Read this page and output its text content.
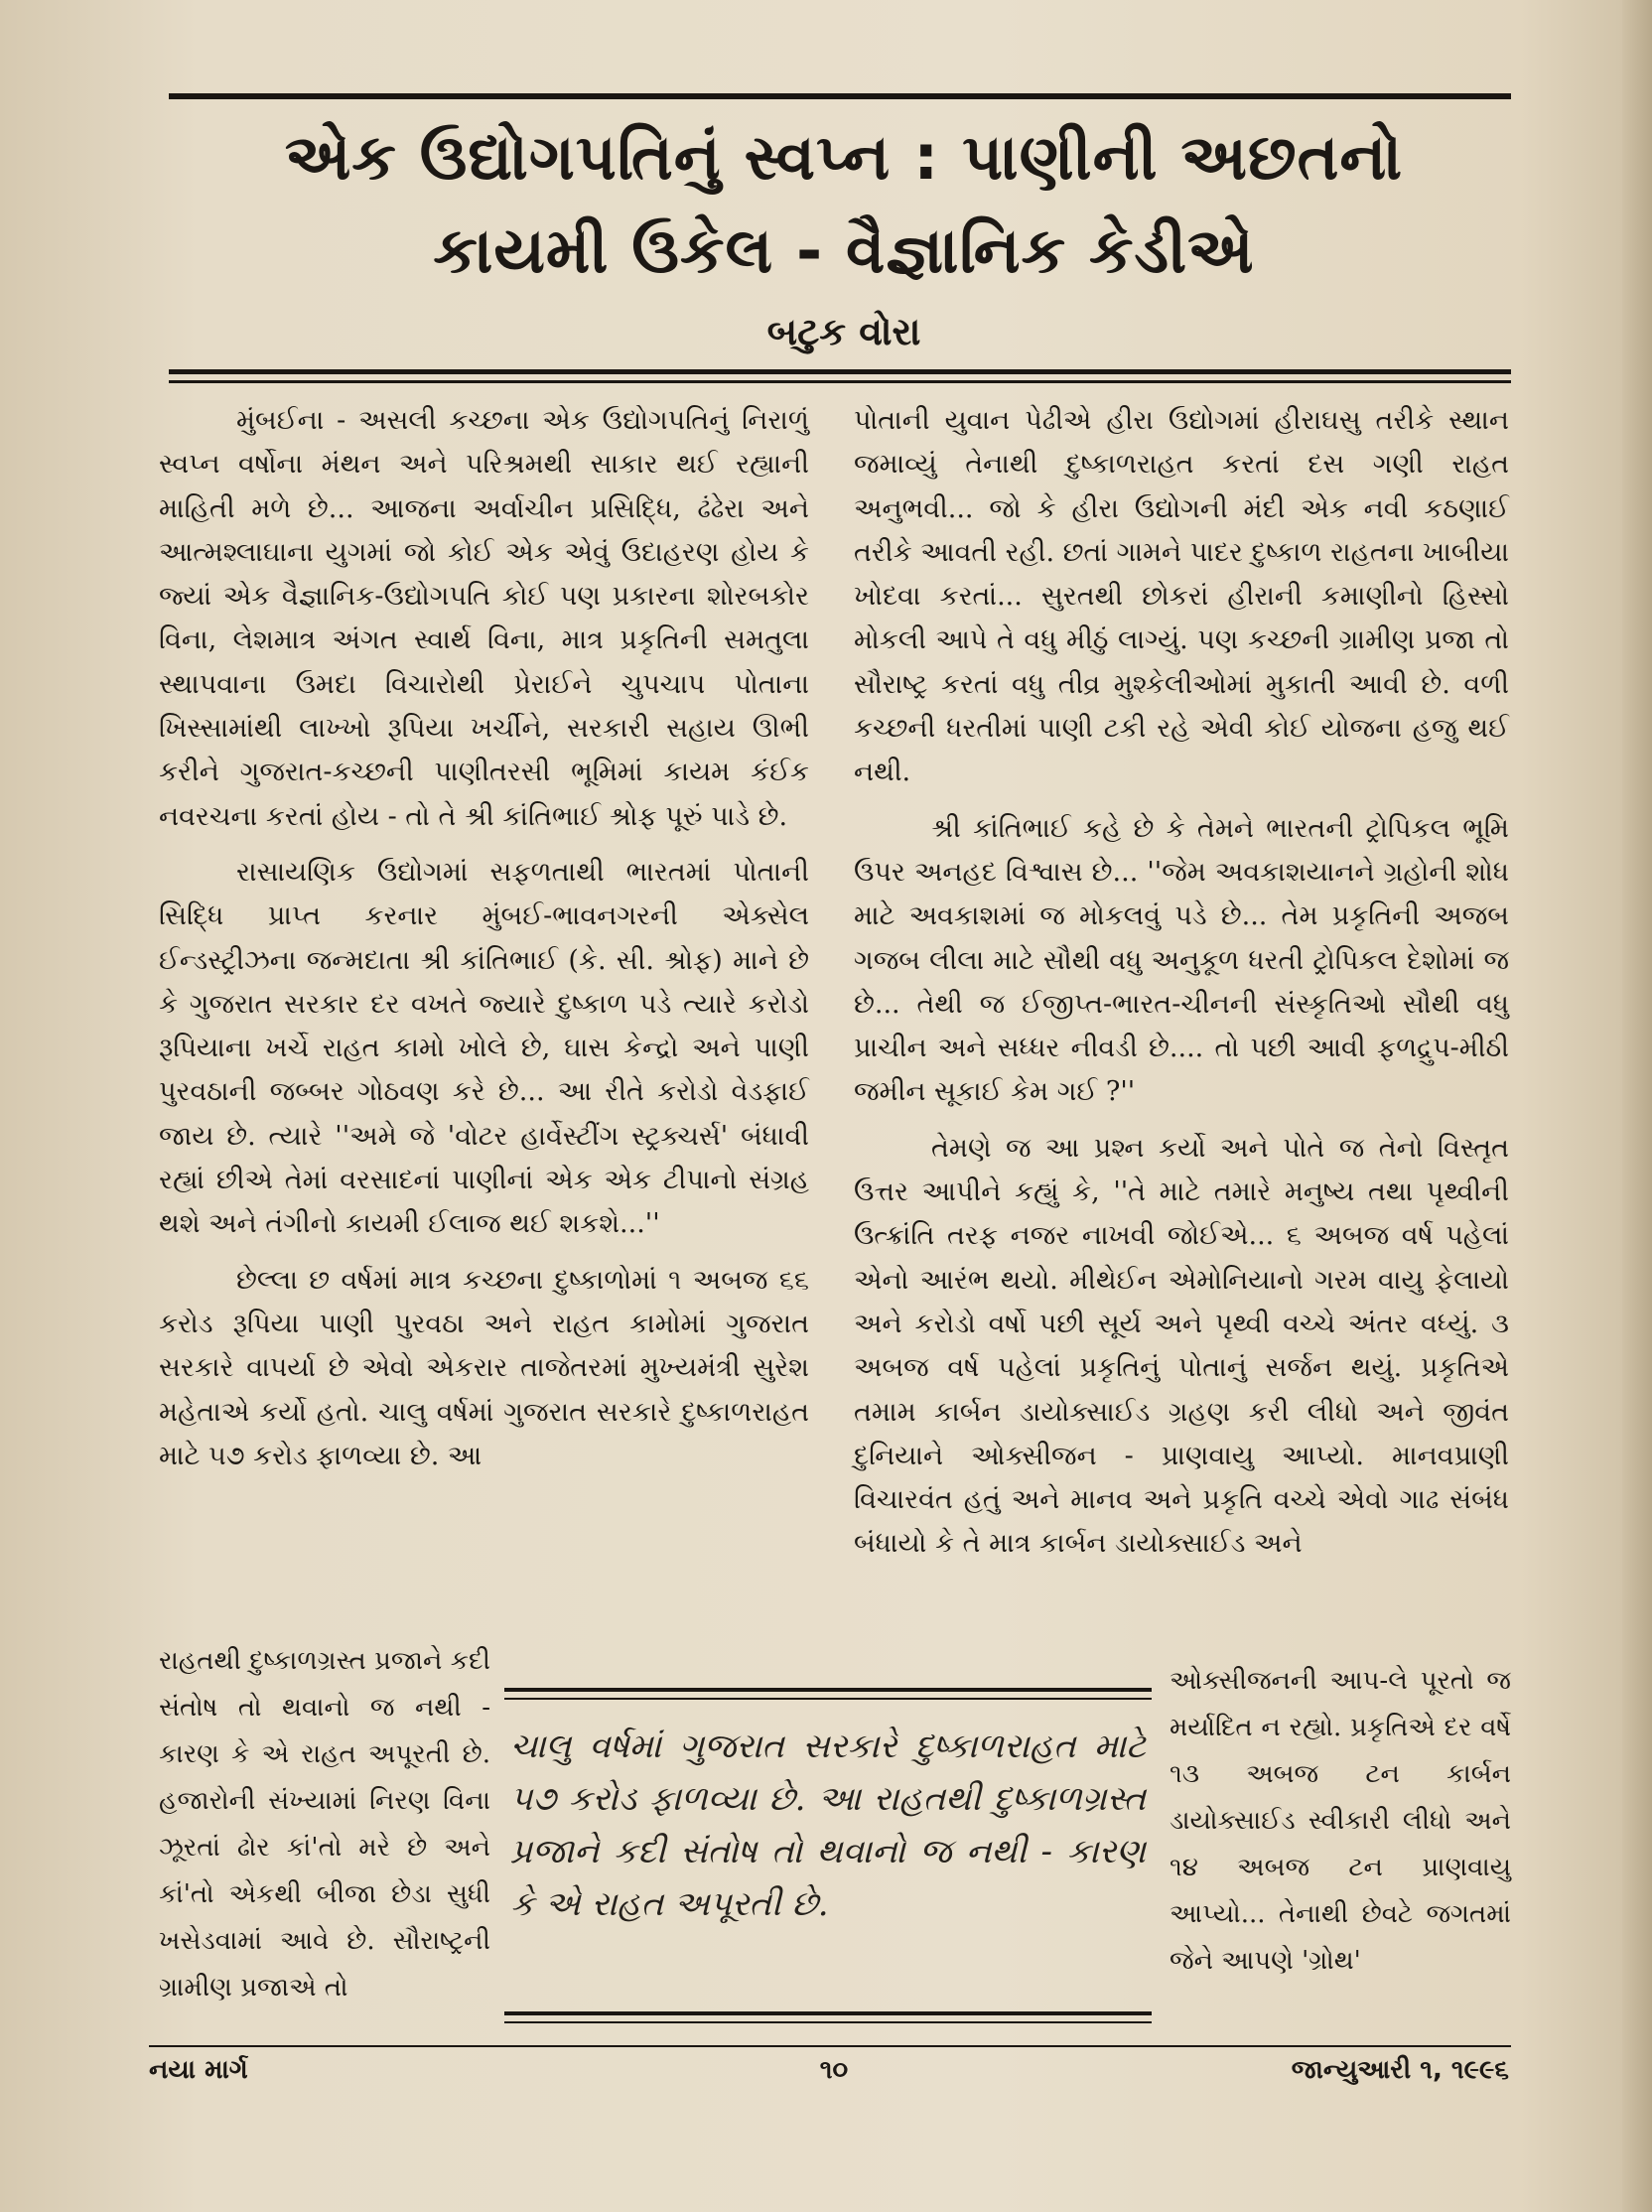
એક ઉદ્યોગપતિનું સ્વપ્ન : પાણીની અછતનો
કાયમી ઉકેલ - વૈજ્ઞાનિક કેડીએ
બટુક વોરા

મુંબઈના - અસલી કચ્છના એક ઉદ્યોગપતિનું નિરાળું સ્વપ્ન વર્ષોના મંથન અને પરિશ્રમથી સાકાર થઈ રહ્યાની માહિતી મળે છે... આજના અર્વાચીન પ્રસિદ્ધિ, ઢંઢેરા અને આત્મશ્લાઘાના યુગમાં જો કોઈ એક એવું ઉદાહરણ હોય કે જ્યાં એક વૈજ્ઞાનિક-ઉદ્યોગપતિ કોઈ પણ પ્રકારના શોરબકોર વિના, લેશમાત્ર અંગત સ્વાર્થ વિના, માત્ર પ્રકૃતિની સમતુલા સ્થાપવાના ઉમદા વિચારોથી પ્રેરાઈને ચુપચાપ પોતાના ખિસ્સામાંથી લાખ્ખો રૂપિયા ખર્ચીને, સરકારી સહાય ઊભી કરીને ગુજરાત-કચ્છની પાણીતરસી ભૂમિમાં કાયમ કંઈક નવરચના કરતાં હોય - તો તે શ્રી કાંતિભાઈ શ્રોફ પૂરું પાડે છે.

રાસાયણિક ઉદ્યોગમાં સફળતાથી ભારતમાં પોતાની સિદ્ધિ પ્રાપ્ત કરનાર મુંબઈ-ભાવનગરની એક્સેલ ઈન્ડસ્ટ્રીઝના જન્મદાતા શ્રી કાંતિભાઈ (કે. સી. શ્રોફ) માને છે કે ગુજરાત સરકાર દર વખતે જ્યારે દુષ્કાળ પડે ત્યારે કરોડો રૂપિયાના ખર્ચે રાહત કામો ખોલે છે, ઘાસ કેન્દ્રો અને પાણી પુરવઠાની જબ્બર ગોઠવણ કરે છે... આ રીતે કરોડો વેડફાઈ જાય છે. ત્યારે ''અમે જે 'વોટર હાર્વેસ્ટીંગ સ્ટ્રક્ચર્સ' બંધાવી રહ્યાં છીએ તેમાં વરસાદનાં પાણીનાં એક એક ટીપાનો સંગ્રહ થશે અને તંગીનો કાયમી ઈલાજ થઈ શકશે...''

છેલ્લા છ વર્ષમાં માત્ર કચ્છના દુષ્કાળોમાં ૧ અબજ ૬૬ કરોડ રૂપિયા પાણી પુરવઠા અને રાહત કામોમાં ગુજરાત સરકારે વાપર્યા છે એવો એકરાર તાજેતરમાં મુખ્યમંત્રી સુરેશ મહેતાએ કર્યો હતો. ચાલુ વર્ષમાં ગુજરાત સરકારે દુષ્કાળરાહત માટે ૫૭ કરોડ ફાળવ્યા છે. આ

રાહતથી દુષ્કાળગ્રસ્ત પ્રજાને કદી સંતોષ તો થવાનો જ નથી - કારણ કે એ રાહત અપૂરતી છે. હજારોની સંખ્યામાં નિરણ વિના ઝૂરતાં ઢોર કાં'તો મરે છે અને કાં'તો એકથી બીજા છેડા સુધી ખસેડવામાં આવે છે. સૌરાષ્ટ્રની ગ્રામીણ પ્રજાએ તો

પોતાની યુવાન પેઢીએ હીરા ઉદ્યોગમાં હીરાઘસુ તરીકે સ્થાન જમાવ્યું તેનાથી દુષ્કાળરાહત કરતાં દસ ગણી રાહત અનુભવી... જો કે હીરા ઉદ્યોગની મંદી એક નવી કઠણાઈ તરીકે આવતી રહી. છતાં ગામને પાદર દુષ્કાળ રાહતના ખાબીયા ખોદવા કરતાં... સુરતથી છોકરાં હીરાની કમાણીનો હિસ્સો મોકલી આપે તે વધુ મીઠું લાગ્યું. પણ કચ્છની ગ્રામીણ પ્રજા તો સૌરાષ્ટ્ર કરતાં વધુ તીવ્ર મુશ્કેલીઓમાં મુકાતી આવી છે. વળી કચ્છની ધરતીમાં પાણી ટકી રહે એવી કોઈ યોજના હજુ થઈ નથી.

શ્રી કાંતિભાઈ કહે છે કે તેમને ભારતની ટ્રોપિકલ ભૂમિ ઉપર અનહદ વિશ્વાસ છે... ''જેમ અવકાશયાનને ગ્રહોની શોધ માટે અવકાશમાં જ મોકલવું પડે છે... તેમ પ્રકૃતિની અજબ ગજબ લીલા માટે સૌથી વધુ અનુકૂળ ધરતી ટ્રોપિકલ દેશોમાં જ છે... તેથી જ ઈજીપ્ત-ભારત-ચીનની સંસ્કૃતિઓ સૌથી વધુ પ્રાચીન અને સધ્ધર નીવડી છે.... તો પછી આવી ફળદ્રુપ-મીઠી જમીન સૂકાઈ કેમ ગઈ ?''

તેમણે જ આ પ્રશ્ન કર્યો અને પોતે જ તેનો વિસ્તૃત ઉત્તર આપીને કહ્યું કે, ''તે માટે તમારે મનુષ્ય તથા પૃથ્વીની ઉત્ક્રાંતિ તરફ નજર નાખવી જોઈએ... ૬ અબજ વર્ષ પહેલાં એનો આરંભ થયો. મીથેઈન એમોનિયાનો ગરમ વાયુ ફેલાયો અને કરોડો વર્ષો પછી સૂર્ય અને પૃથ્વી વચ્ચે અંતર વધ્યું. ૩ અબજ વર્ષ પહેલાં પ્રકૃતિનું પોતાનું સર્જન થયું. પ્રકૃતિએ તમામ કાર્બન ડાયોક્સાઈડ ગ્રહણ કરી લીધો અને જીવંત દુનિયાને ઓક્સીજન - પ્રાણવાયુ આપ્યો. માનવપ્રાણી વિચારવંત હતું અને માનવ અને પ્રકૃતિ વચ્ચે એવો ગાઢ સંબંધ બંધાયો કે તે માત્ર કાર્બન ડાયોક્સાઈડ અને

ઓક્સીજનની આપ-લે પૂરતો જ મર્યાદિત ન રહ્યો. પ્રકૃતિએ દર વર્ષે ૧૩ અબજ ટન કાર્બન ડાયોક્સાઈડ સ્વીકારી લીધો અને ૧૪ અબજ ટન પ્રાણવાયુ આપ્યો... તેનાથી છેવટે જગતમાં જેને આપણે 'ગ્રોથ'

ચાલુ વર્ષમાં ગુજરાત સરકારે દુષ્કાળરાહત માટે ૫૭ કરોડ ફાળવ્યા છે. આ રાહતથી દુષ્કાળગ્રસ્ત પ્રજાને કદી સંતોષ તો થવાનો જ નથી - કારણ કે એ રાહત અપૂરતી છે.
નયા માર્ગ	૧૦	જાન્યુઆરી ૧, ૧૯૯૬
